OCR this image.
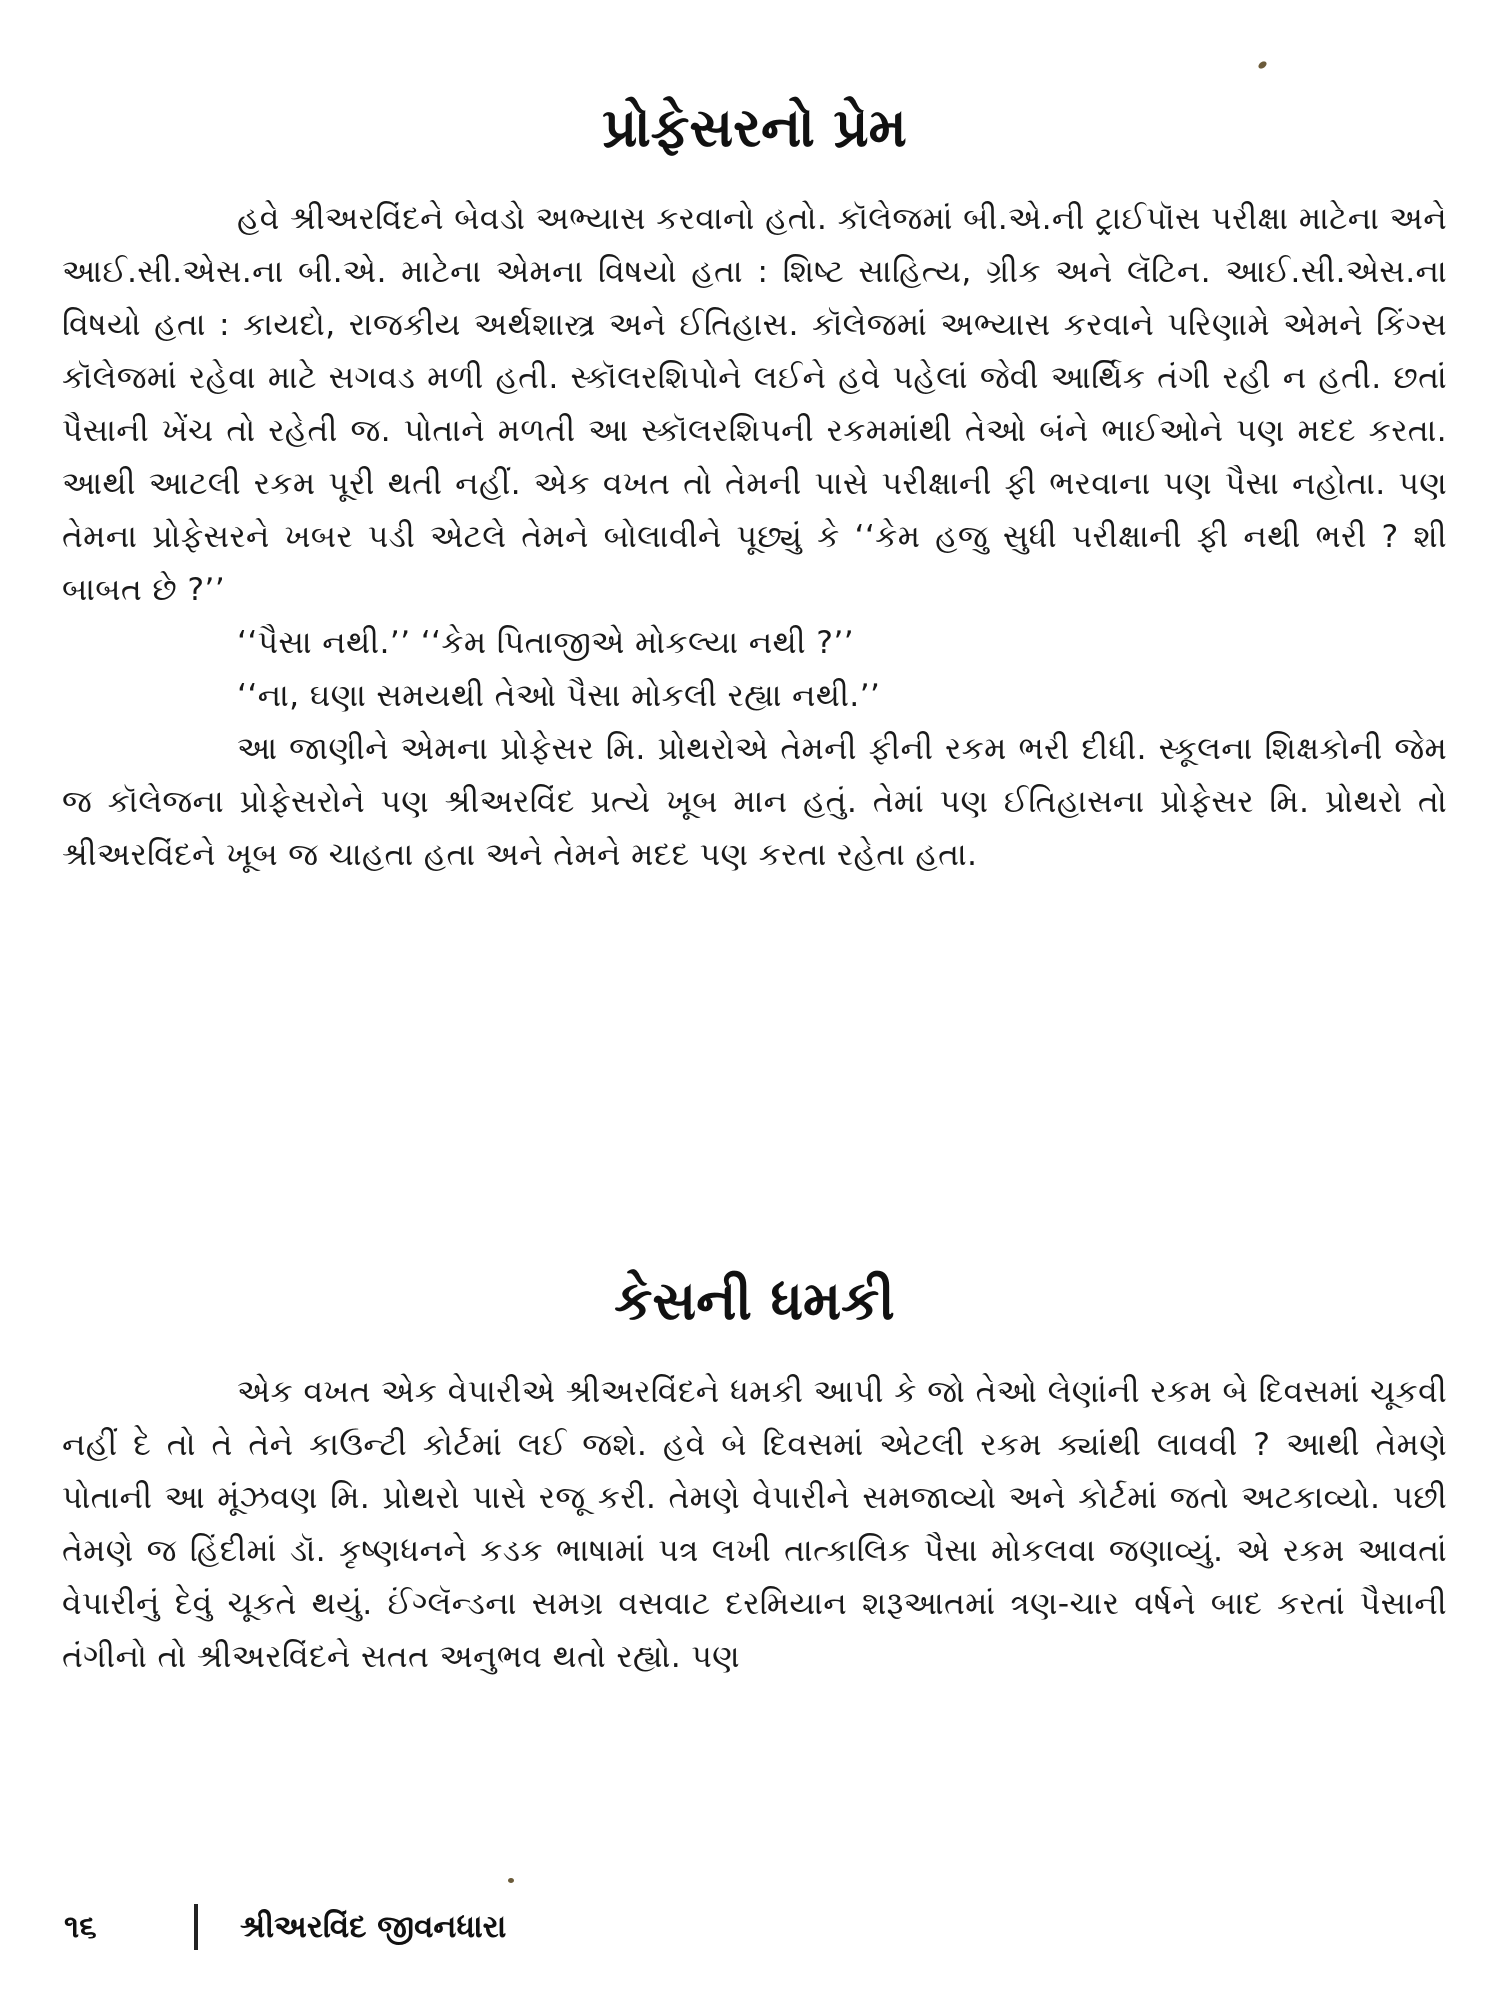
પ્રોફેસરનો પ્રેમ

હવે શ્રીઅરવિંદને બેવડો અભ્યાસ કરવાનો હતો. કૉલેજમાં બી.એ.ની ટ્રાઈપૉસ પરીક્ષા માટેના અને આઈ.સી.એસ.ના બી.એ. માટેના એમના વિષયો હતા : શિષ્ટ સાહિત્ય, ગ્રીક અને લૅટિન. આઈ.સી.એસ.ના વિષયો હતા : કાયદો, રાજકીય અર્થશાસ્ત્ર અને ઈતિહાસ. કૉલેજમાં અભ્યાસ કરવાને પરિણામે એમને કિંગ્સ કૉલેજમાં રહેવા માટે સગવડ મળી હતી. સ્કૉલરશિપોને લઈને હવે પહેલાં જેવી આર્થિક તંગી રહી ન હતી. છતાં પૈસાની ખેંચ તો રહેતી જ. પોતાને મળતી આ સ્કૉલરશિપની રકમમાંથી તેઓ બંને ભાઈઓને પણ મદદ કરતા. આથી આટલી રકમ પૂરી થતી નહીં. એક વખત તો તેમની પાસે પરીક્ષાની ફી ભરવાના પણ પૈસા નહોતા. પણ તેમના પ્રોફેસરને ખબર પડી એટલે તેમને બોલાવીને પૂછ્યું કે ‘‘કેમ હજુ સુધી પરીક્ષાની ફી નથી ભરી ? શી બાબત છે ?’’

‘‘પૈસા નથી.’’ ‘‘કેમ પિતાજીએ મોકલ્યા નથી ?’’

‘‘ના, ઘણા સમયથી તેઓ પૈસા મોકલી રહ્યા નથી.’’

આ જાણીને એમના પ્રોફેસર મિ. પ્રોથરોએ તેમની ફીની રકમ ભરી દીધી. સ્કૂલના શિક્ષકોની જેમ જ કૉલેજના પ્રોફેસરોને પણ શ્રીઅરવિંદ પ્રત્યે ખૂબ માન હતું. તેમાં પણ ઈતિહાસના પ્રોફેસર મિ. પ્રોથરો તો શ્રીઅરવિંદને ખૂબ જ ચાહતા હતા અને તેમને મદદ પણ કરતા રહેતા હતા.

કેસની ધમકી

એક વખત એક વેપારીએ શ્રીઅરવિંદને ધમકી આપી કે જો તેઓ લેણાંની રકમ બે દિવસમાં ચૂકવી નહીં દે તો તે તેને કાઉન્ટી કોર્ટમાં લઈ જશે. હવે બે દિવસમાં એટલી રકમ ક્યાંથી લાવવી ? આથી તેમણે પોતાની આ મૂંઝવણ મિ. પ્રોથરો પાસે રજૂ કરી. તેમણે વેપારીને સમજાવ્યો અને કોર્ટમાં જતો અટકાવ્યો. પછી તેમણે જ હિંદીમાં ડૉ. કૃષ્ણધનને કડક ભાષામાં પત્ર લખી તાત્કાલિક પૈસા મોકલવા જણાવ્યું. એ રકમ આવતાં વેપારીનું દેવું ચૂકતે થયું. ઈંગ્લૅન્ડના સમગ્ર વસવાટ દરમિયાન શરૂઆતમાં ત્રણ-ચાર વર્ષને બાદ કરતાં પૈસાની તંગીનો તો શ્રીઅરવિંદને સતત અનુભવ થતો રહ્યો. પણ

૧૬	શ્રીઅરવિંદ જીવનધારા
